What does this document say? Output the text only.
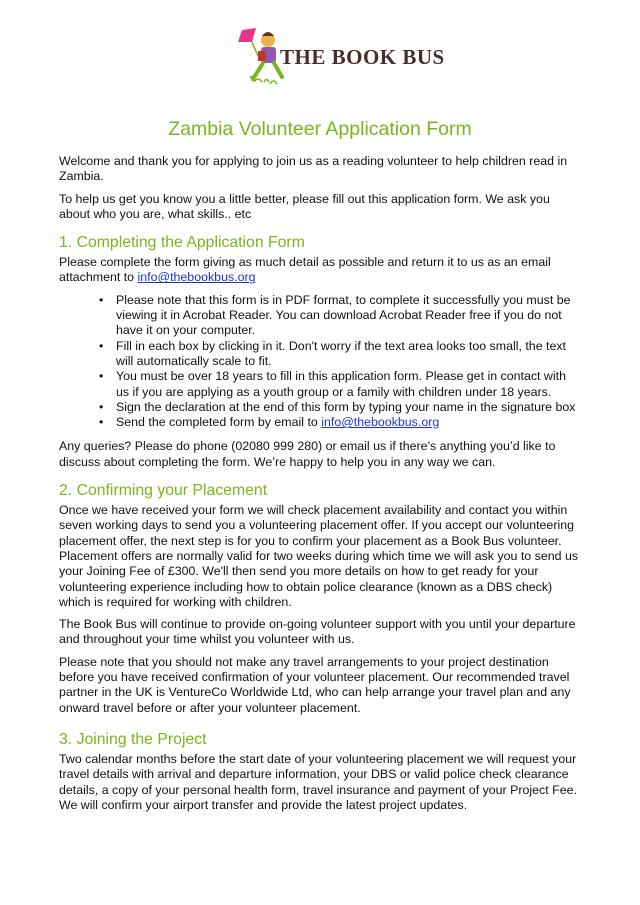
THE BOOK BUS
Zambia Volunteer Application Form

Welcome and thank you for applying to join us as a reading volunteer to help children read in Zambia.

To help us get you know you a little better, please fill out this application form. We ask you about who you are, what skills.. etc

1. Completing the Application Form

Please complete the form giving as much detail as possible and return it to us as an email attachment to info@thebookbus.org

• Please note that this form is in PDF format, to complete it successfully you must be viewing it in Acrobat Reader. You can download Acrobat Reader free if you do not have it on your computer.
• Fill in each box by clicking in it. Don't worry if the text area looks too small, the text will automatically scale to fit.
• You must be over 18 years to fill in this application form. Please get in contact with us if you are applying as a youth group or a family with children under 18 years.
• Sign the declaration at the end of this form by typing your name in the signature box
• Send the completed form by email to info@thebookbus.org

Any queries? Please do phone (02080 999 280) or email us if there’s anything you’d like to discuss about completing the form. We’re happy to help you in any way we can.

2. Confirming your Placement

Once we have received your form we will check placement availability and contact you within seven working days to send you a volunteering placement offer. If you accept our volunteering placement offer, the next step is for you to confirm your placement as a Book Bus volunteer. Placement offers are normally valid for two weeks during which time we will ask you to send us your Joining Fee of £300. We'll then send you more details on how to get ready for your volunteering experience including how to obtain police clearance (known as a DBS check) which is required for working with children.

The Book Bus will continue to provide on-going volunteer support with you until your departure and throughout your time whilst you volunteer with us.

Please note that you should not make any travel arrangements to your project destination before you have received confirmation of your volunteer placement. Our recommended travel partner in the UK is VentureCo Worldwide Ltd, who can help arrange your travel plan and any onward travel before or after your volunteer placement.

3. Joining the Project

Two calendar months before the start date of your volunteering placement we will request your travel details with arrival and departure information, your DBS or valid police check clearance details, a copy of your personal health form, travel insurance and payment of your Project Fee. We will confirm your airport transfer and provide the latest project updates.
